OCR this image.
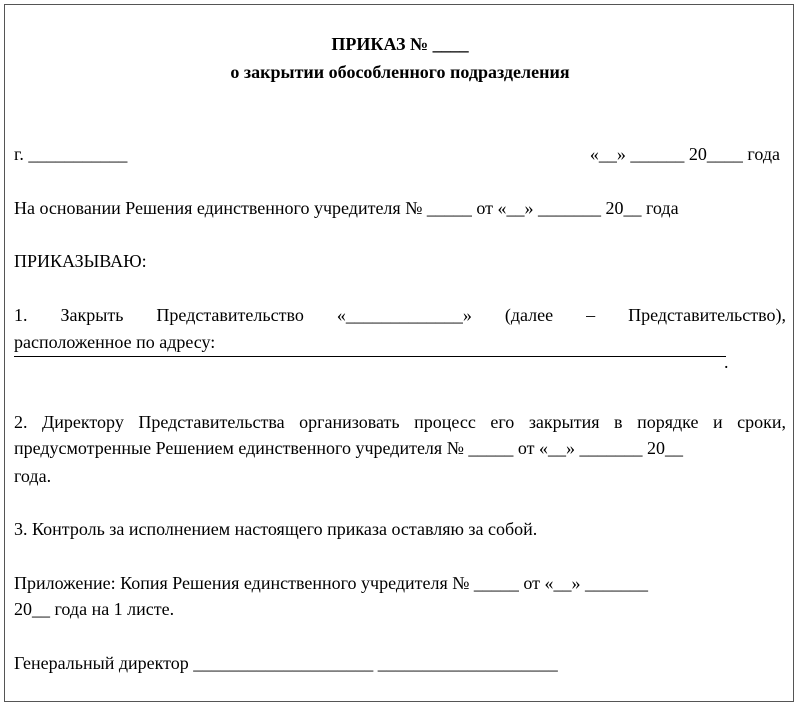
ПРИКАЗ № ____
о закрытии обособленного подразделения
г. ___________	«__» ______ 20____ года
На основании Решения единственного учредителя № _____ от «__» _______ 20__ года
ПРИКАЗЫВАЮ:
1. Закрыть Представительство «_____________» (далее – Представительство),
расположенное по адресу:
.
2. Директору Представительства организовать процесс его закрытия в порядке и сроки,
предусмотренные Решением единственного учредителя № _____ от «__» _______ 20__
года.
3. Контроль за исполнением настоящего приказа оставляю за собой.
Приложение: Копия Решения единственного учредителя № _____ от «__» _______
20__ года на 1 листе.
Генеральный директор ____________________ ____________________
